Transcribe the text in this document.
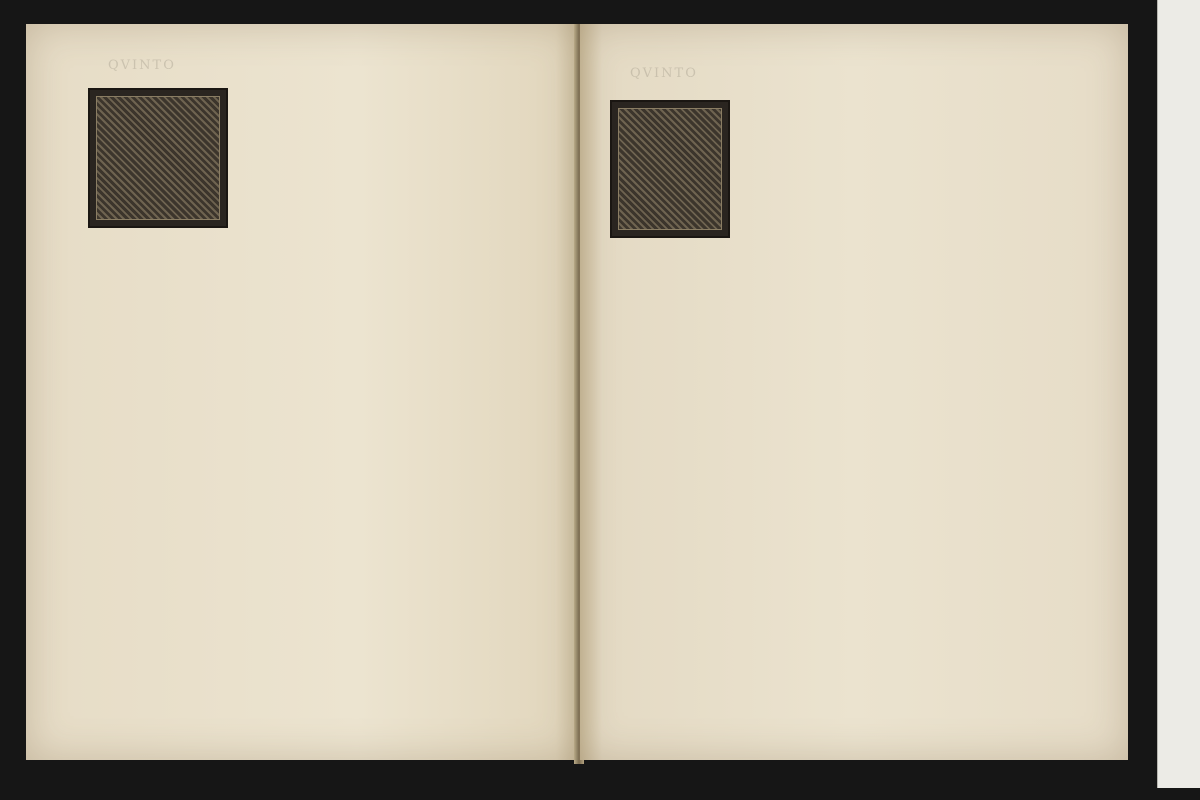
QVINTO
QVINTO
